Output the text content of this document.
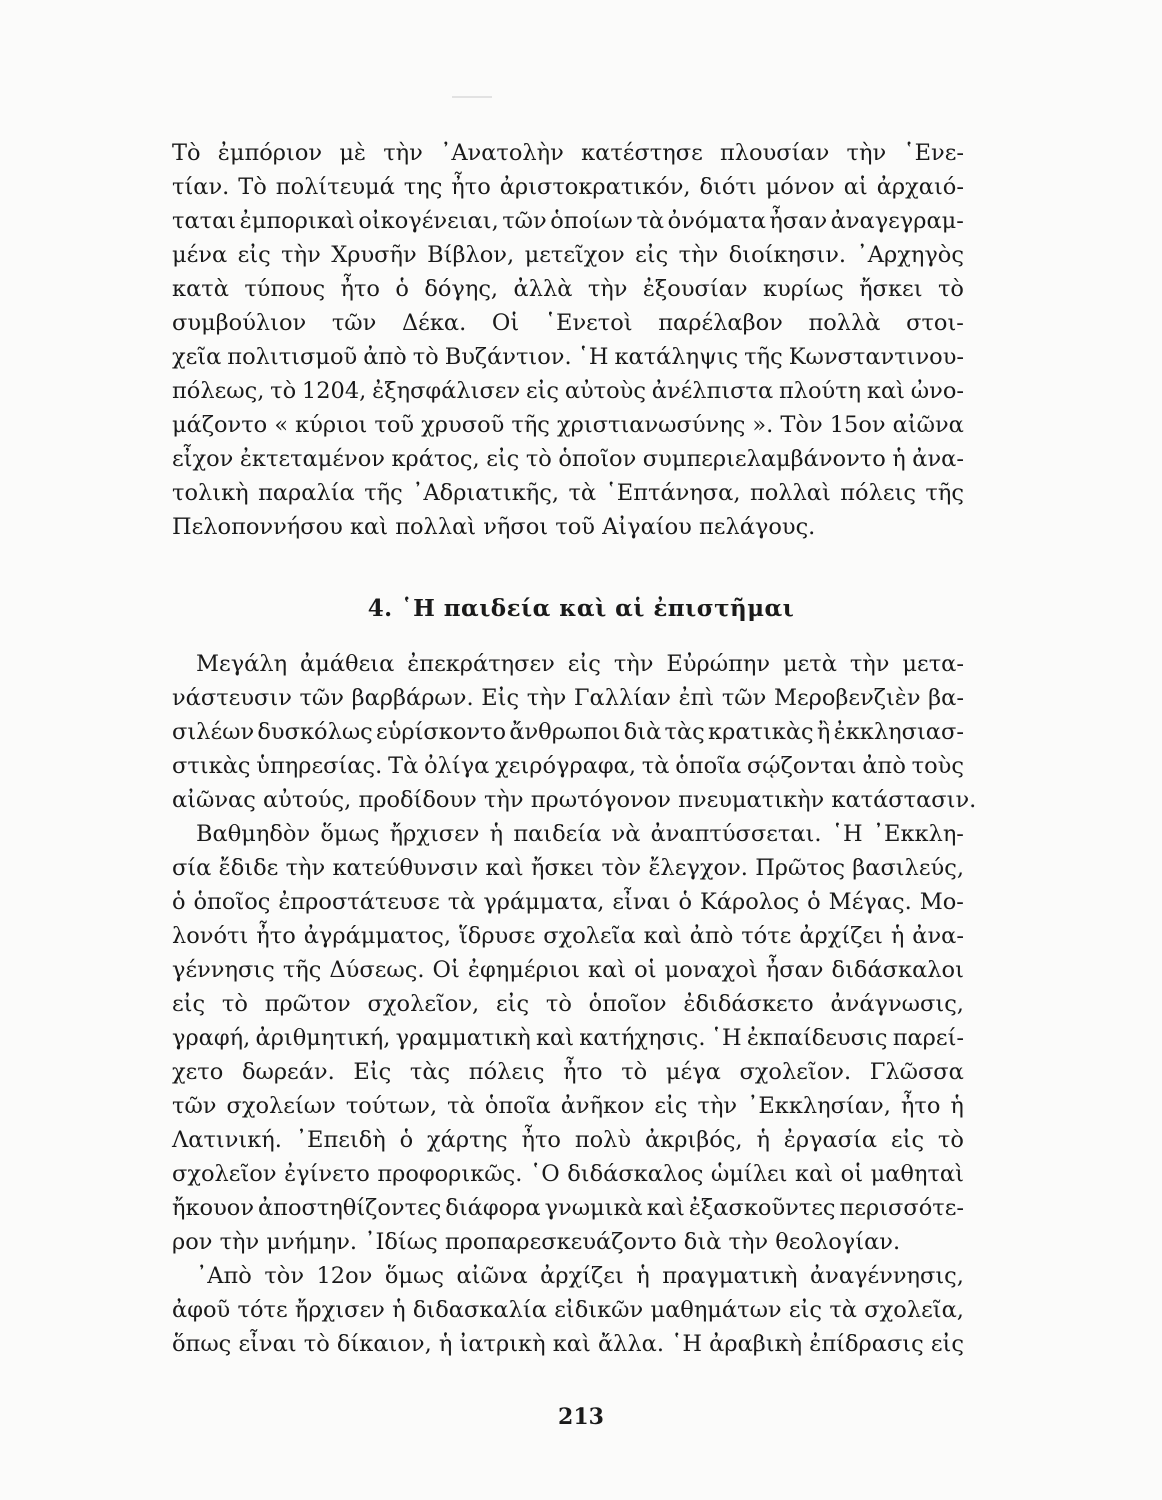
Τὸ ἐμπόριον μὲ τὴν ᾽Ανατολὴν κατέστησε πλουσίαν τὴν ῾Ενε-
τίαν. Τὸ πολίτευμά της ἦτο ἀριστοκρατικόν, διότι μόνον αἱ ἀρχαιό-
ταται ἐμπορικαὶ οἰκογένειαι, τῶν ὁποίων τὰ ὀνόματα ἦσαν ἀναγεγραμ-
μένα εἰς τὴν Χρυσῆν Βίβλον, μετεῖχον εἰς τὴν διοίκησιν. ᾽Αρχηγὸς
κατὰ τύπους ἦτο ὁ δόγης, ἀλλὰ τὴν ἐξουσίαν κυρίως ἤσκει τὸ
συμβούλιον τῶν Δέκα. Οἱ ῾Ενετοὶ παρέλαβον πολλὰ στοι-
χεῖα πολιτισμοῦ ἀπὸ τὸ Βυζάντιον. ῾Η κατάληψις τῆς Κωνσταντινου-
πόλεως, τὸ 1204, ἐξησφάλισεν εἰς αὐτοὺς ἀνέλπιστα πλούτη καὶ ὠνο-
μάζοντο « κύριοι τοῦ χρυσοῦ τῆς χριστιανωσύνης ». Τὸν 15ον αἰῶνα
εἶχον ἐκτεταμένον κράτος, εἰς τὸ ὁποῖον συμπεριελαμβάνοντο ἡ ἀνα-
τολικὴ παραλία τῆς ᾽Αδριατικῆς, τὰ ῾Επτάνησα, πολλαὶ πόλεις τῆς
Πελοποννήσου καὶ πολλαὶ νῆσοι τοῦ Αἰγαίου πελάγους.
4. ῾Η παιδεία καὶ αἱ ἐπιστῆμαι
Μεγάλη ἀμάθεια ἐπεκράτησεν εἰς τὴν Εὐρώπην μετὰ τὴν μετα-
νάστευσιν τῶν βαρβάρων. Εἰς τὴν Γαλλίαν ἐπὶ τῶν Μεροβενζιὲν βα-
σιλέων δυσκόλως εὑρίσκοντο ἄνθρωποι διὰ τὰς κρατικὰς ἢ ἐκκλησιασ-
στικὰς ὑπηρεσίας. Τὰ ὀλίγα χειρόγραφα, τὰ ὁποῖα σῴζονται ἀπὸ τοὺς
αἰῶνας αὐτούς, προδίδουν τὴν πρωτόγονον πνευματικὴν κατάστασιν.
Βαθμηδὸν ὅμως ἤρχισεν ἡ παιδεία νὰ ἀναπτύσσεται. ῾Η ᾽Εκκλη-
σία ἔδιδε τὴν κατεύθυνσιν καὶ ἤσκει τὸν ἔλεγχον. Πρῶτος βασιλεύς,
ὁ ὁποῖος ἐπροστάτευσε τὰ γράμματα, εἶναι ὁ Κάρολος ὁ Μέγας. Μο-
λονότι ἦτο ἀγράμματος, ἵδρυσε σχολεῖα καὶ ἀπὸ τότε ἀρχίζει ἡ ἀνα-
γέννησις τῆς Δύσεως. Οἱ ἐφημέριοι καὶ οἱ μοναχοὶ ἦσαν διδάσκαλοι
εἰς τὸ πρῶτον σχολεῖον, εἰς τὸ ὁποῖον ἐδιδάσκετο ἀνάγνωσις,
γραφή, ἀριθμητική, γραμματικὴ καὶ κατήχησις. ῾Η ἐκπαίδευσις παρεί-
χετο δωρεάν. Εἰς τὰς πόλεις ἦτο τὸ μέγα σχολεῖον. Γλῶσσα
τῶν σχολείων τούτων, τὰ ὁποῖα ἀνῆκον εἰς τὴν ᾽Εκκλησίαν, ἦτο ἡ
Λατινική. ᾽Επειδὴ ὁ χάρτης ἦτο πολὺ ἀκριβός, ἡ ἐργασία εἰς τὸ
σχολεῖον ἐγίνετο προφορικῶς. ῾Ο διδάσκαλος ὡμίλει καὶ οἱ μαθηταὶ
ἤκουον ἀποστηθίζοντες διάφορα γνωμικὰ καὶ ἐξασκοῦντες περισσότε-
ρον τὴν μνήμην. ᾽Ιδίως προπαρεσκευάζοντο διὰ τὴν θεολογίαν.
᾽Απὸ τὸν 12ον ὅμως αἰῶνα ἀρχίζει ἡ πραγματικὴ ἀναγέννησις,
ἀφοῦ τότε ἤρχισεν ἡ διδασκαλία εἰδικῶν μαθημάτων εἰς τὰ σχολεῖα,
ὅπως εἶναι τὸ δίκαιον, ἡ ἰατρικὴ καὶ ἄλλα. ῾Η ἀραβικὴ ἐπίδρασις εἰς
213
